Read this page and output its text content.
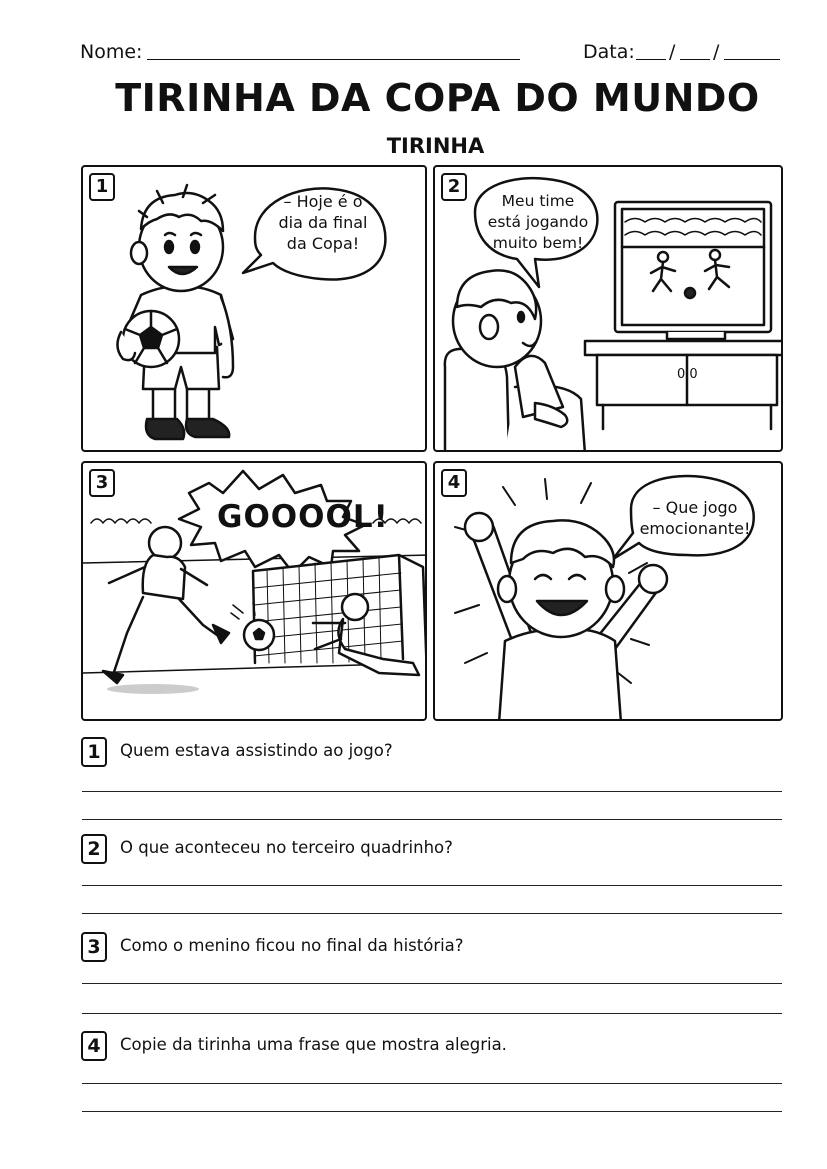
Nome:	Data: / /
TIRINHA DA COPA DO MUNDO
TIRINHA
1
– Hoje é o
dia da final
da Copa!
2
Meu time
está jogando
muito bem!
0 0
3
GOOOOL!
4
– Que jogo
emocionante!
1	Quem estava assistindo ao jogo?
2	O que aconteceu no terceiro quadrinho?
3	Como o menino ficou no final da história?
4	Copie da tirinha uma frase que mostra alegria.
